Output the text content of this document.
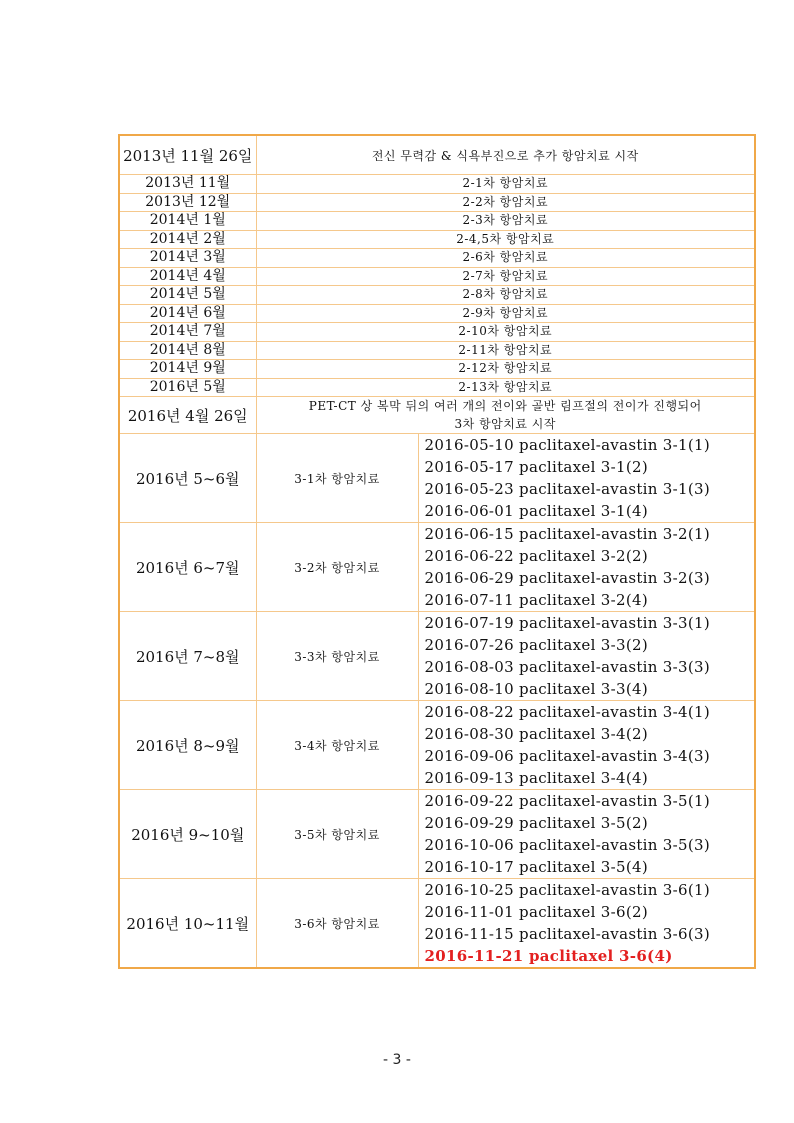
2013년 11월 26일	전신 무력감 & 식욕부진으로 추가 항암치료 시작	
2013년 11월	2-1차 항암치료	
2013년 12월	2-2차 항암치료	
2014년 1월	2-3차 항암치료	
2014년 2월	2-4,5차 항암치료	
2014년 3월	2-6차 항암치료	
2014년 4월	2-7차 항암치료	
2014년 5월	2-8차 항암치료	
2014년 6월	2-9차 항암치료	
2014년 7월	2-10차 항암치료	
2014년 8월	2-11차 항암치료	
2014년 9월	2-12차 항암치료	
2016년 5월	2-13차 항암치료	
2016년 4월 26일	PET-CT 상 복막 뒤의 여러 개의 전이와 골반 림프절의 전이가 진행되어
3차 항암치료 시작	
2016년 5~6월	3-1차 항암치료	2016-05-10 paclitaxel-avastin 3-1(1)
2016-05-17 paclitaxel 3-1(2)
2016-05-23 paclitaxel-avastin 3-1(3)
2016-06-01 paclitaxel 3-1(4)

2016년 6~7월	3-2차 항암치료	2016-06-15 paclitaxel-avastin 3-2(1)
2016-06-22 paclitaxel 3-2(2)
2016-06-29 paclitaxel-avastin 3-2(3)
2016-07-11 paclitaxel 3-2(4)

2016년 7~8월	3-3차 항암치료	2016-07-19 paclitaxel-avastin 3-3(1)
2016-07-26 paclitaxel 3-3(2)
2016-08-03 paclitaxel-avastin 3-3(3)
2016-08-10 paclitaxel 3-3(4)

2016년 8~9월	3-4차 항암치료	2016-08-22 paclitaxel-avastin 3-4(1)
2016-08-30 paclitaxel 3-4(2)
2016-09-06 paclitaxel-avastin 3-4(3)
2016-09-13 paclitaxel 3-4(4)

2016년 9~10월	3-5차 항암치료	2016-09-22 paclitaxel-avastin 3-5(1)
2016-09-29 paclitaxel 3-5(2)
2016-10-06 paclitaxel-avastin 3-5(3)
2016-10-17 paclitaxel 3-5(4)

2016년 10~11월	3-6차 항암치료	2016-10-25 paclitaxel-avastin 3-6(1)
2016-11-01 paclitaxel 3-6(2)
2016-11-15 paclitaxel-avastin 3-6(3)
2016-11-21 paclitaxel 3-6(4)
- 3 -
